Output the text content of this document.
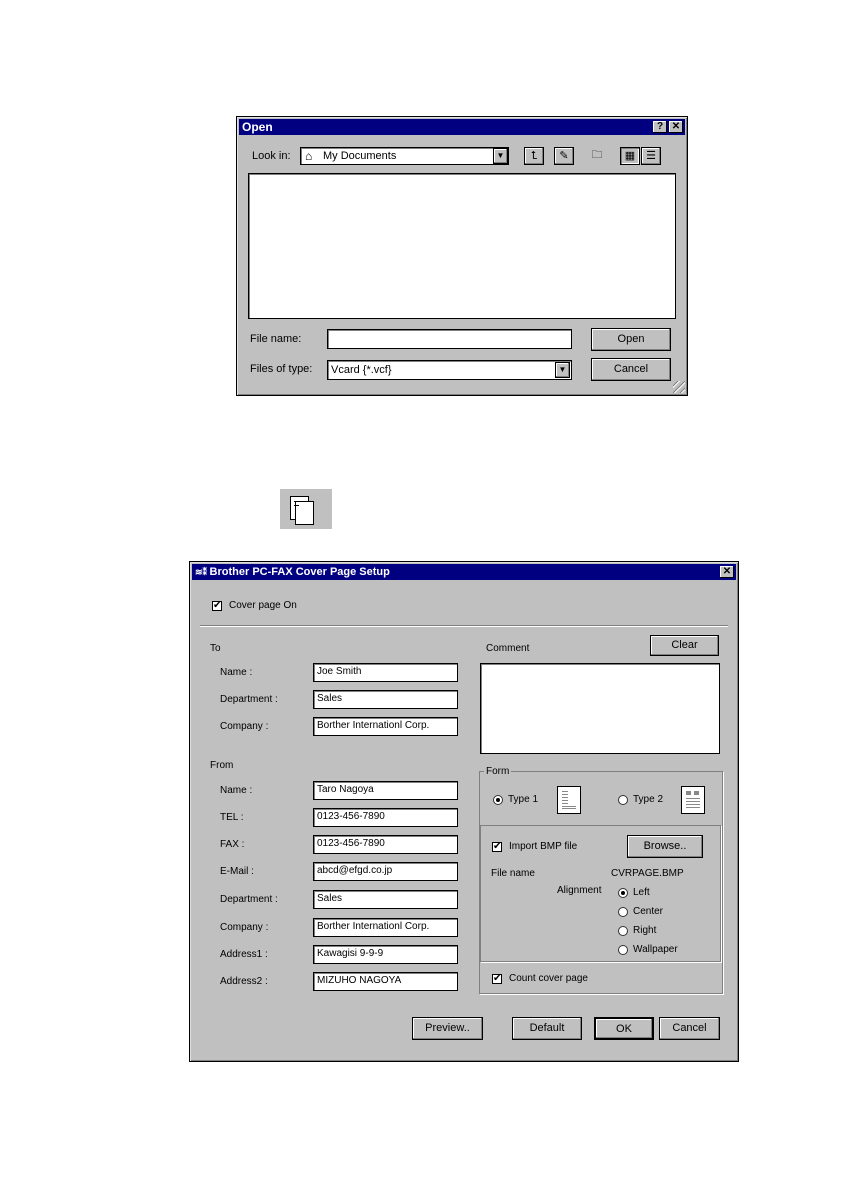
Open	? ✕
Look in: ⌂ My Documents	▼	⮤	✎	🗀	▦ ☰
File name:	Open
Files of type:	Vcard {*.vcf}	▼	Cancel
≋⁑ Brother PC-FAX Cover Page Setup	✕
✔ Cover page On
To
Name :	Joe Smith
Department :	Sales
Company :	Borther Internationl Corp.
From
Name :	Taro Nagoya
TEL :	0123-456-7890
FAX :	0123-456-7890
E-Mail :	abcd@efgd.co.jp
Department :	Sales
Company :	Borther Internationl Corp.
Address1 :	Kawagisi 9-9-9
Address2 :	MIZUHO NAGOYA
Comment	Clear
Form
Type 1	Type 2
✔ Import BMP file	Browse..
File name	CVRPAGE.BMP
Alignment	Left
Center
Right
Wallpaper
✔ Count cover page
Preview..	Default	OK	Cancel
